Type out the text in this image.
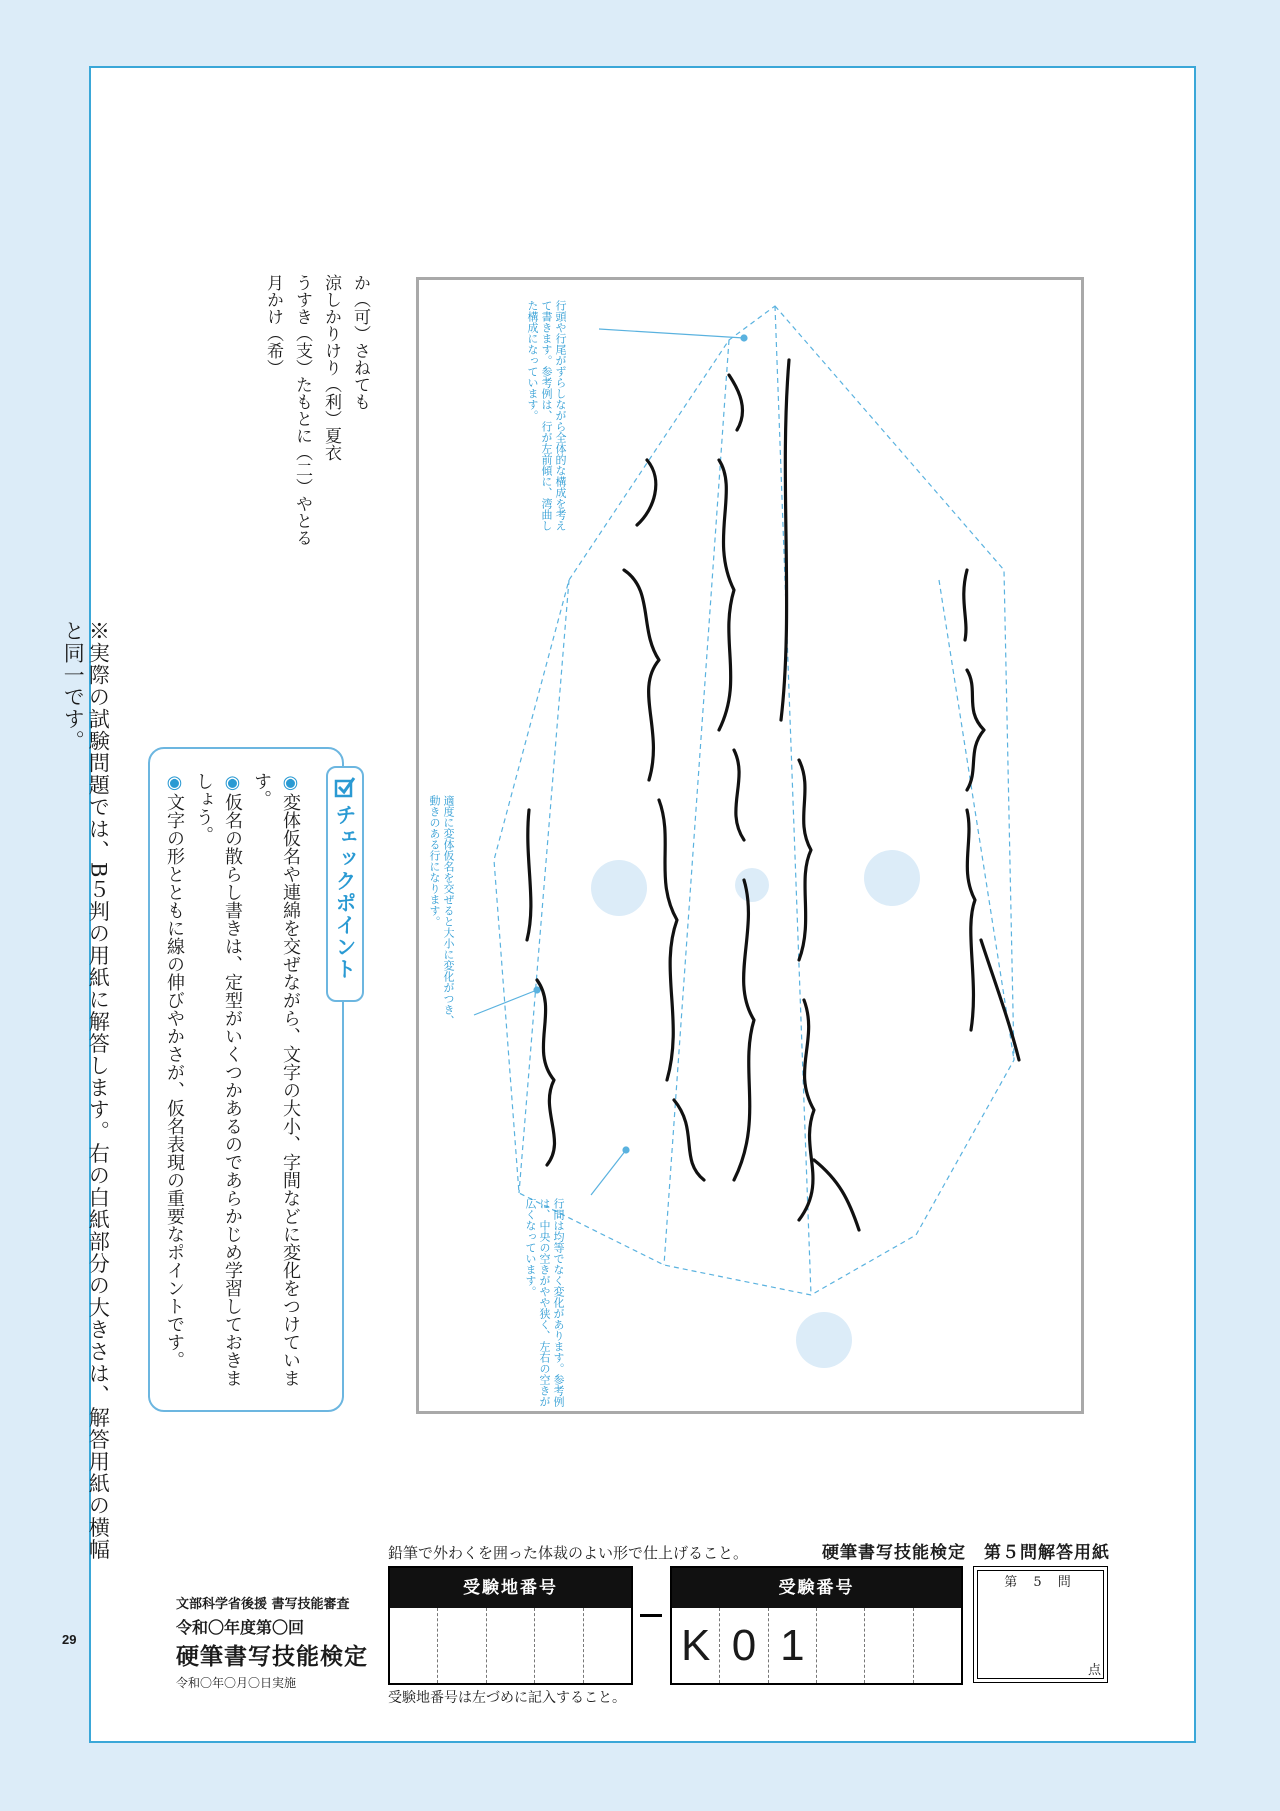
※実際の試験問題では、B５判の用紙に解答します。右の白紙部分の大きさは、解答用紙の横幅と同一です。
29
か（可）さねても
涼しかりけり（利）夏衣
うすき（支）たもとに（二）やとる
月かけ（希）
チェックポイント
◉変体仮名や連綿を交ぜながら、文字の大小、字間などに変化をつけています。
◉仮名の散らし書きは、定型がいくつかあるのであらかじめ学習しておきましょう。
◉文字の形とともに線の伸びやかさが、仮名表現の重要なポイントです。
行頭や行尾がずらしながら全体的な構成を考えて書きます。参考例は、行が左前傾に、湾曲した構成になっています。
適度に変体仮名を交ぜると大小に変化がつき、動きのある行になります。
行間は均等でなく変化があります。参考例は、中央の空きがやや狭く、左右の空きが広くなっています。
鉛筆で外わくを囲った体裁のよい形で仕上げること。	硬筆書写技能検定　第５問解答用紙
文部科学省後援 書写技能審査
令和〇年度第〇回
硬筆書写技能検定
令和〇年〇月〇日実施
受験地番号	受験番号
K 0 1
第 5 問
点
受験地番号は左づめに記入すること。
